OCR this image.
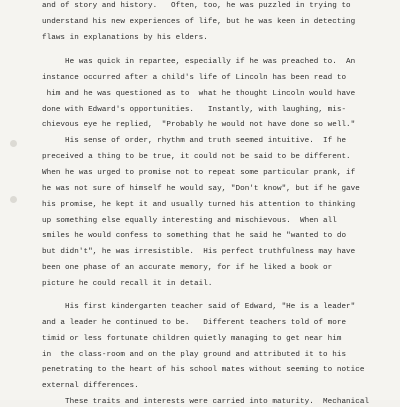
and of story and history.   Often, too, he was puzzled in trying to
understand his new experiences of life, but he was keen in detecting
flaws in explanations by his elders.
He was quick in repartee, especially if he was preached to.  An
instance occurred after a child's life of Lincoln has been read to
him and he was questioned as to  what he thought Lincoln would have
done with Edward's opportunities.   Instantly, with laughing, mis-
chievous eye he replied,  "Probably he would not have done so well."
His sense of order, rhythm and truth seemed intuitive.  If he
preceived a thing to be true, it could not be said to be different.
When he was urged to promise not to repeat some particular prank, if
he was not sure of himself he would say, "Don't know", but if he gave
his promise, he kept it and usually turned his attention to thinking
up something else equally interesting and mischievous.  When all
smiles he would confess to something that he said he "wanted to do
but didn't", he was irresistible.  His perfect truthfulness may have
been one phase of an accurate memory, for if he liked a book or
picture he could recall it in detail.
His first kindergarten teacher said of Edward, "He is a leader"
and a leader he continued to be.   Different teachers told of more
timid or less fortunate children quietly managing to get near him
in  the class-room and on the play ground and attributed it to his
penetrating to the heart of his school mates without seeming to notice
external differences.
These traits and interests were carried into maturity.  Mechanical
